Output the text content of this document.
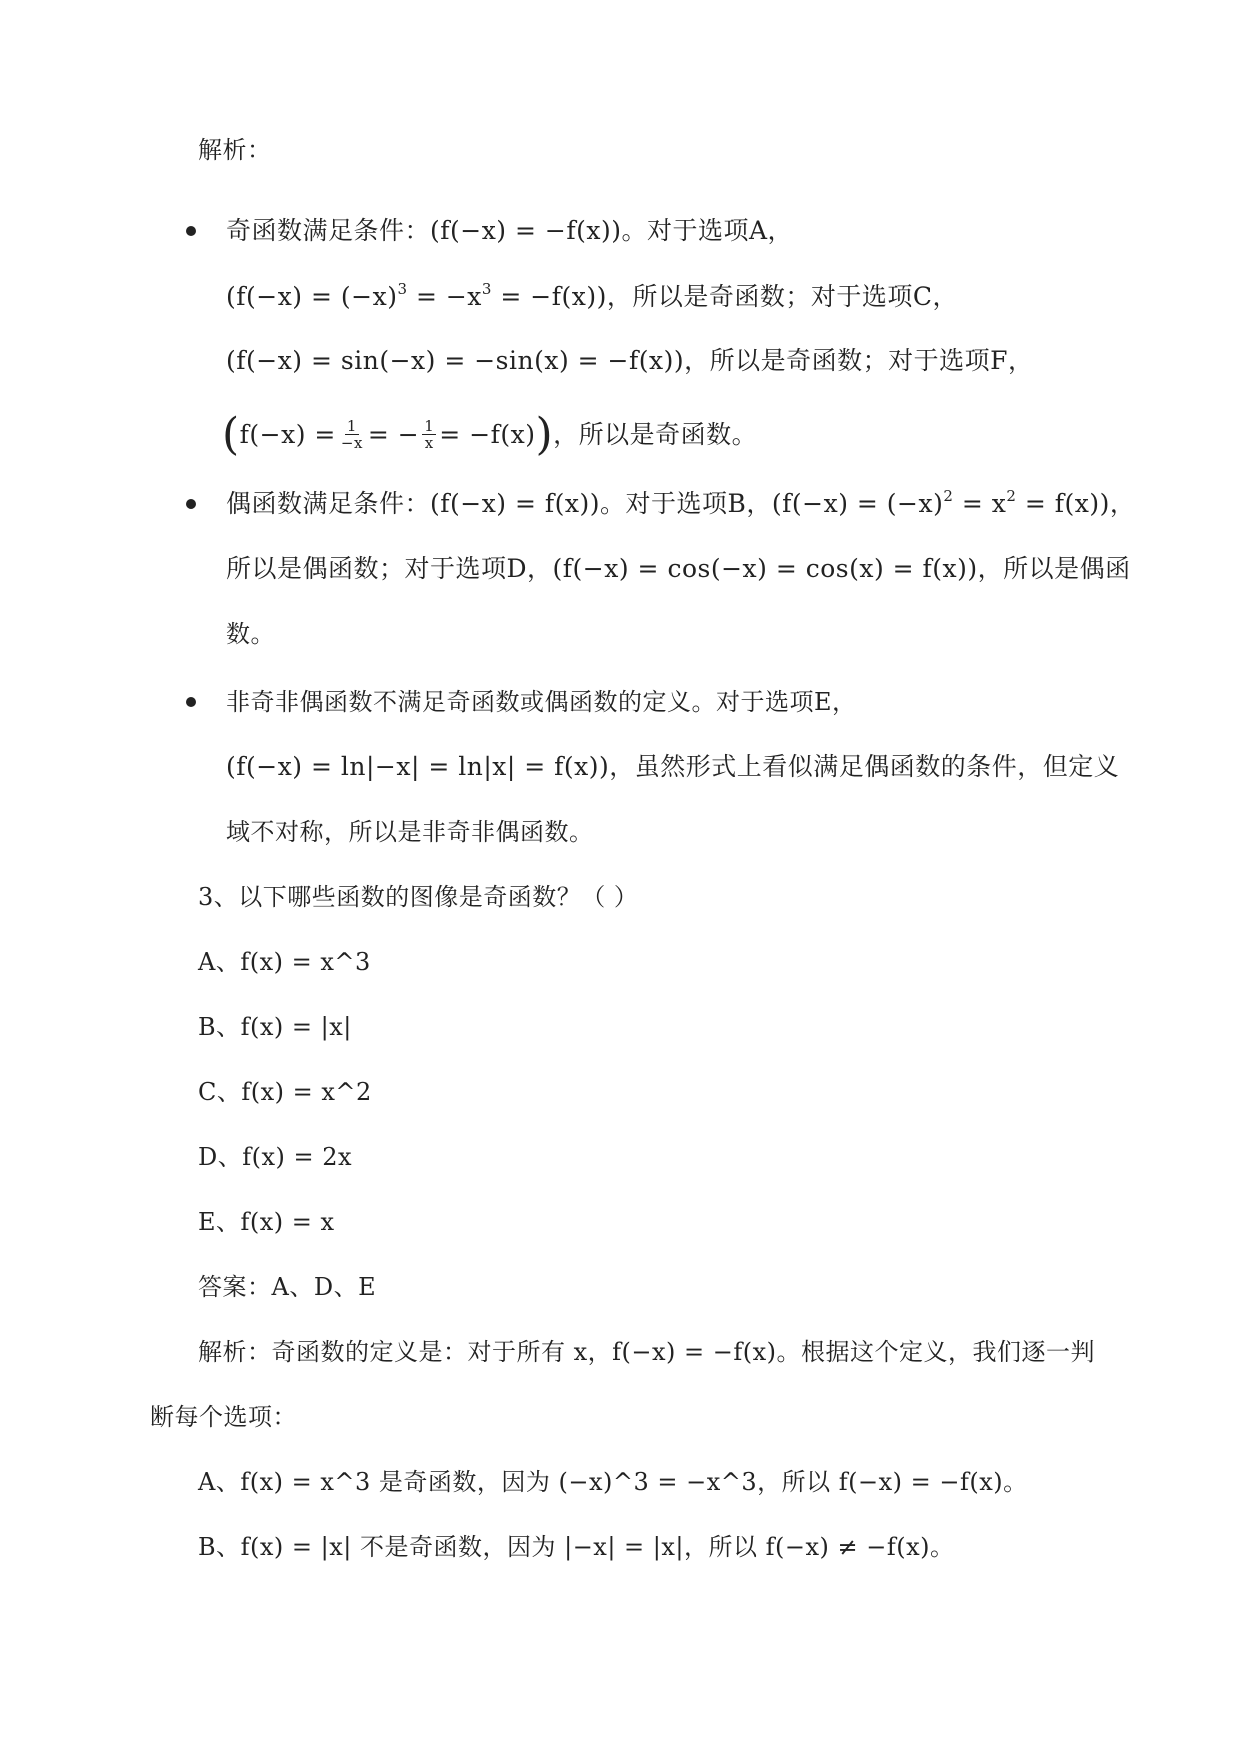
解析：
奇函数满足条件：(f(−x) = −f(x))。对于选项A，
$(f(-x) = (-x)^3 = -x^3 = -f(x))$，所以是奇函数；对于选项C，
(f(−x) = sin(−x) = −sin(x) = −f(x))，所以是奇函数；对于选项F，
($f(-x) = \frac{1}{-x}$ = − $\frac{1}{x} = -f(x)$)，所以是奇函数。
偶函数满足条件：(f(−x) = f(x))。对于选项B，$(f(-x) = (-x)^2 = x^2 = f(x))$，
所以是偶函数；对于选项D，(f(−x) = cos(−x) = cos(x) = f(x))，所以是偶函
数。
非奇非偶函数不满足奇函数或偶函数的定义。对于选项E，
(f(−x) = ln|−x| = ln|x| = f(x))，虽然形式上看似满足偶函数的条件，但定义
域不对称，所以是非奇非偶函数。
3、以下哪些函数的图像是奇函数？（ ）
A、f(x) = x^3
B、f(x) = |x|
C、f(x) = x^2
D、f(x) = 2x
E、f(x) = x
答案：A、D、E
解析：奇函数的定义是：对于所有 x，f(−x) = −f(x)。根据这个定义，我们逐一判
断每个选项：
A、f(x) = x^3 是奇函数，因为 (−x)^3 = −x^3，所以 f(−x) = −f(x)。
B、f(x) = |x| 不是奇函数，因为 |−x| = |x|，所以 f(−x) ≠ −f(x)。
